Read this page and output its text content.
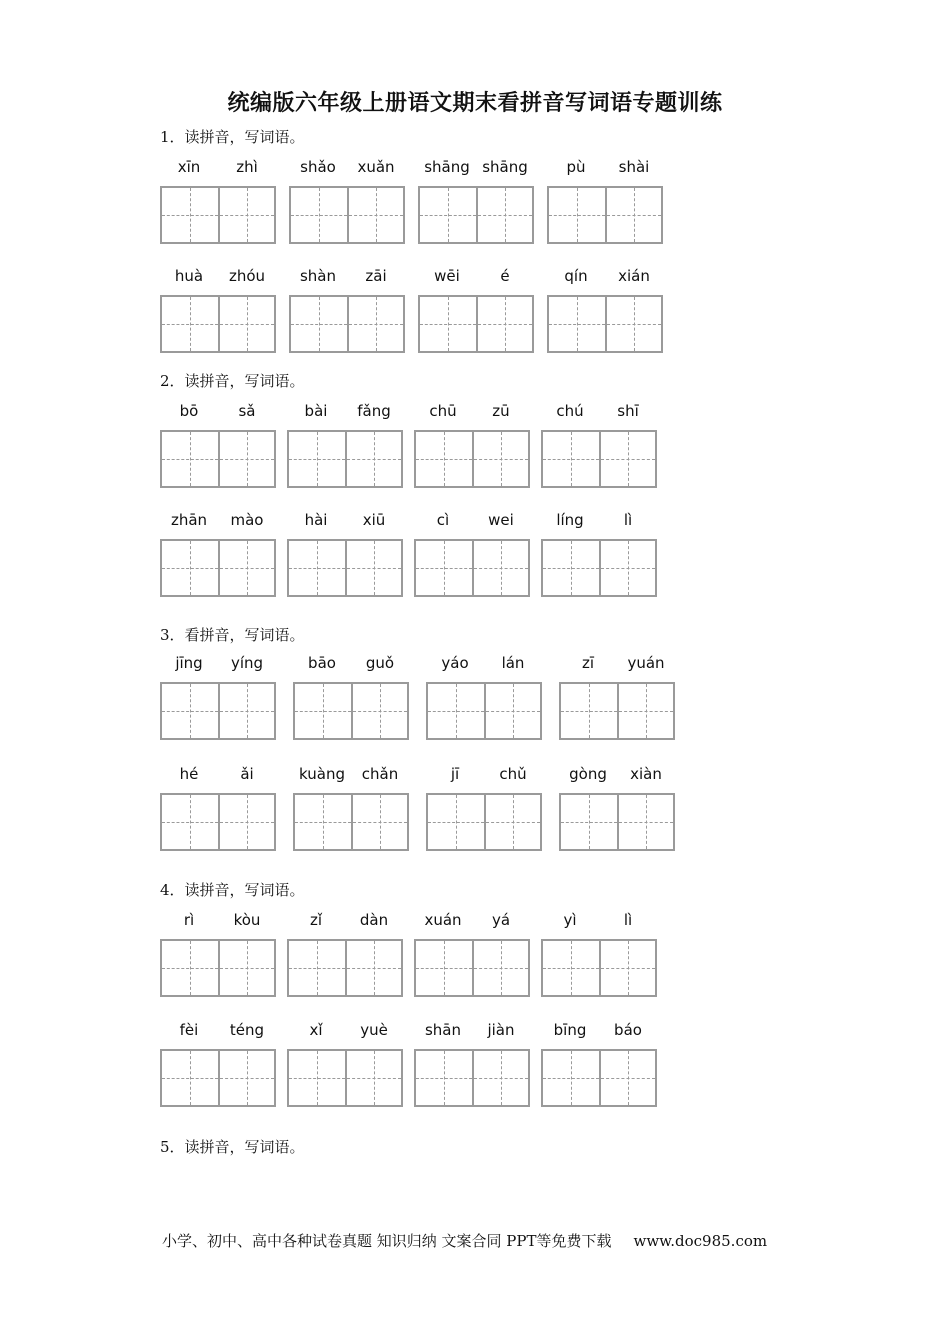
统编版六年级上册语文期末看拼音写词语专题训练
1．读拼音，写词语。
xīn	zhì	shǎo	xuǎn	shāng shāng	pù	shài
huà	zhóu	shàn	zāi	wēi	é	qín	xián
2．读拼音，写词语。
bō	sǎ	bài	fǎng	chū	zū	chú	shī
zhān	mào	hài	xiū	cì	wei	líng	lì
3．看拼音，写词语。
jīng	yíng	bāo	guǒ	yáo	lán	zī	yuán
hé	ǎi	kuàng	chǎn	jī	chǔ	gòng	xiàn
4．读拼音，写词语。
rì	kòu	zǐ	dàn	xuán	yá	yì	lì
fèi	téng	xǐ	yuè	shān	jiàn	bīng	báo
5．读拼音，写词语。
小学、初中、高中各种试卷真题 知识归纳 文案合同 PPT等免费下载 www.doc985.com
